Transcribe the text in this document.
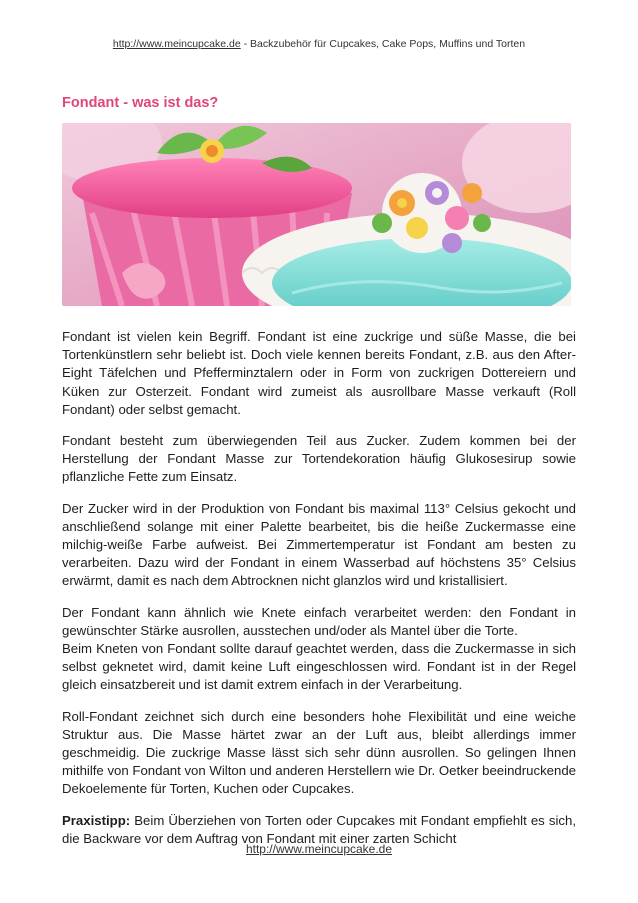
http://www.meincupcake.de - Backzubehör für Cupcakes, Cake Pops, Muffins und Torten
Fondant - was ist das?

Fondant ist vielen kein Begriff. Fondant ist eine zuckrige und süße Masse, die bei Tortenkünstlern sehr beliebt ist. Doch viele kennen bereits Fondant, z.B. aus den After-Eight Täfelchen und Pfefferminztalern oder in Form von zuckrigen Dottereiern und Küken zur Osterzeit. Fondant wird zumeist als ausrollbare Masse verkauft (Roll Fondant) oder selbst gemacht.

Fondant besteht zum überwiegenden Teil aus Zucker. Zudem kommen bei der Herstellung der Fondant Masse zur Tortendekoration häufig Glukosesirup sowie pflanzliche Fette zum Einsatz.

Der Zucker wird in der Produktion von Fondant bis maximal 113° Celsius gekocht und anschließend solange mit einer Palette bearbeitet, bis die heiße Zuckermasse eine milchig-weiße Farbe aufweist. Bei Zimmertemperatur ist Fondant am besten zu verarbeiten. Dazu wird der Fondant in einem Wasserbad auf höchstens 35° Celsius erwärmt, damit es nach dem Abtrocknen nicht glanzlos wird und kristallisiert.

Der Fondant kann ähnlich wie Knete einfach verarbeitet werden: den Fondant in gewünschter Stärke ausrollen, ausstechen und/oder als Mantel über die Torte.

Beim Kneten von Fondant sollte darauf geachtet werden, dass die Zuckermasse in sich selbst geknetet wird, damit keine Luft eingeschlossen wird. Fondant ist in der Regel gleich einsatzbereit und ist damit extrem einfach in der Verarbeitung.

Roll-Fondant zeichnet sich durch eine besonders hohe Flexibilität und eine weiche Struktur aus. Die Masse härtet zwar an der Luft aus, bleibt allerdings immer geschmeidig. Die zuckrige Masse lässt sich sehr dünn ausrollen. So gelingen Ihnen mithilfe von Fondant von Wilton und anderen Herstellern wie Dr. Oetker beeindruckende Dekoelemente für Torten, Kuchen oder Cupcakes.

Praxistipp: Beim Überziehen von Torten oder Cupcakes mit Fondant empfiehlt es sich, die Backware vor dem Auftrag von Fondant mit einer zarten Schicht

http://www.meincupcake.de
